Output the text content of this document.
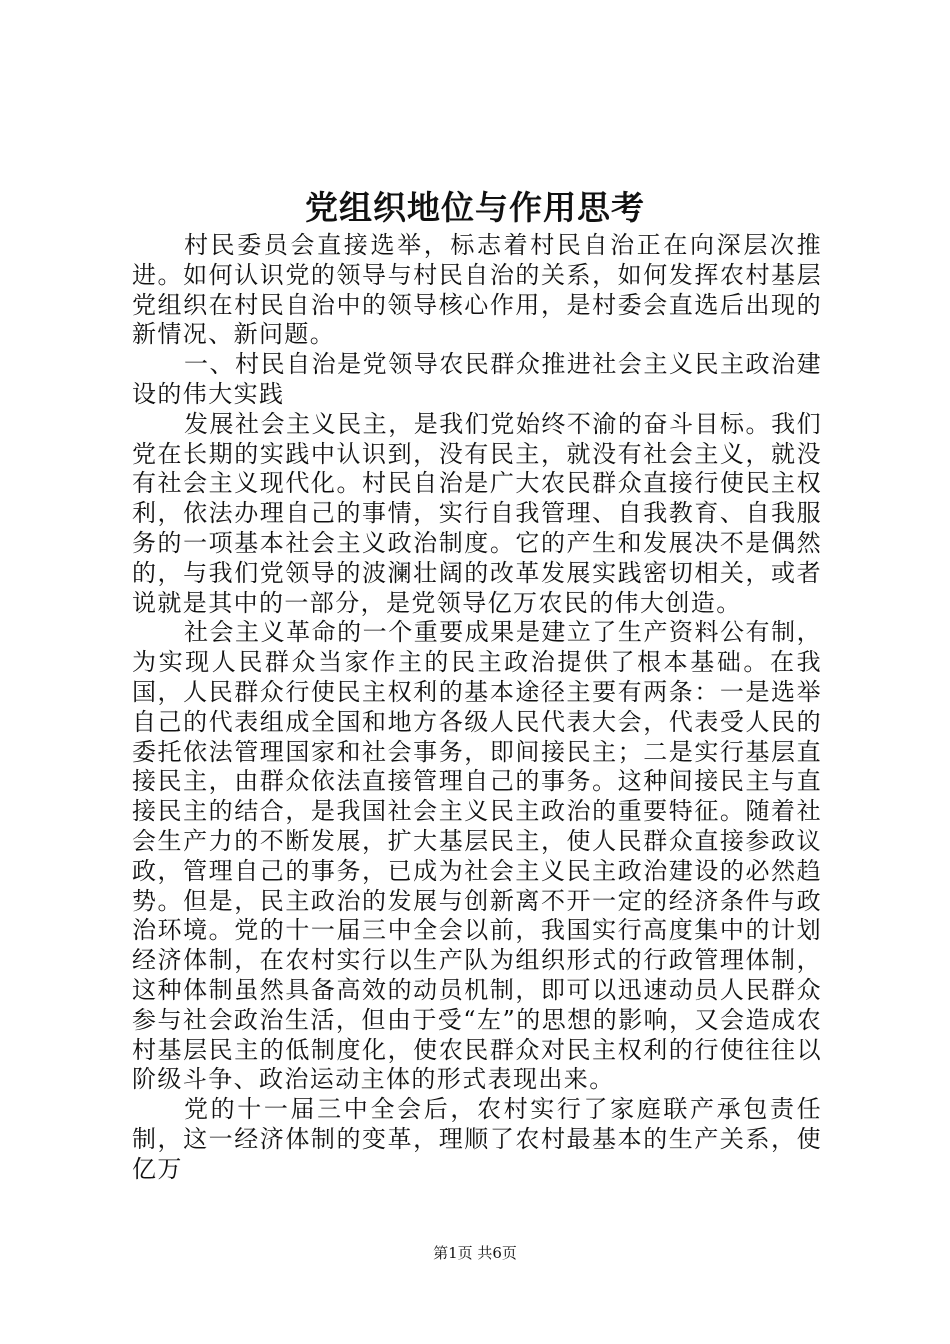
党组织地位与作用思考

村民委员会直接选举，标志着村民自治正在向深层次推进。如何认识党的领导与村民自治的关系，如何发挥农村基层党组织在村民自治中的领导核心作用，是村委会直选后出现的新情况、新问题。

一、村民自治是党领导农民群众推进社会主义民主政治建设的伟大实践

发展社会主义民主，是我们党始终不渝的奋斗目标。我们党在长期的实践中认识到，没有民主，就没有社会主义，就没有社会主义现代化。村民自治是广大农民群众直接行使民主权利，依法办理自己的事情，实行自我管理、自我教育、自我服务的一项基本社会主义政治制度。它的产生和发展决不是偶然的，与我们党领导的波澜壮阔的改革发展实践密切相关，或者说就是其中的一部分，是党领导亿万农民的伟大创造。

社会主义革命的一个重要成果是建立了生产资料公有制，为实现人民群众当家作主的民主政治提供了根本基础。在我国，人民群众行使民主权利的基本途径主要有两条：一是选举自己的代表组成全国和地方各级人民代表大会，代表受人民的委托依法管理国家和社会事务，即间接民主；二是实行基层直接民主，由群众依法直接管理自己的事务。这种间接民主与直接民主的结合，是我国社会主义民主政治的重要特征。随着社会生产力的不断发展，扩大基层民主，使人民群众直接参政议政，管理自己的事务，已成为社会主义民主政治建设的必然趋势。但是，民主政治的发展与创新离不开一定的经济条件与政治环境。党的十一届三中全会以前，我国实行高度集中的计划经济体制，在农村实行以生产队为组织形式的行政管理体制，这种体制虽然具备高效的动员机制，即可以迅速动员人民群众参与社会政治生活，但由于受“左”的思想的影响，又会造成农村基层民主的低制度化，使农民群众对民主权利的行使往往以阶级斗争、政治运动主体的形式表现出来。

党的十一届三中全会后，农村实行了家庭联产承包责任制，这一经济体制的变革，理顺了农村最基本的生产关系，使亿万

第1页 共6页
